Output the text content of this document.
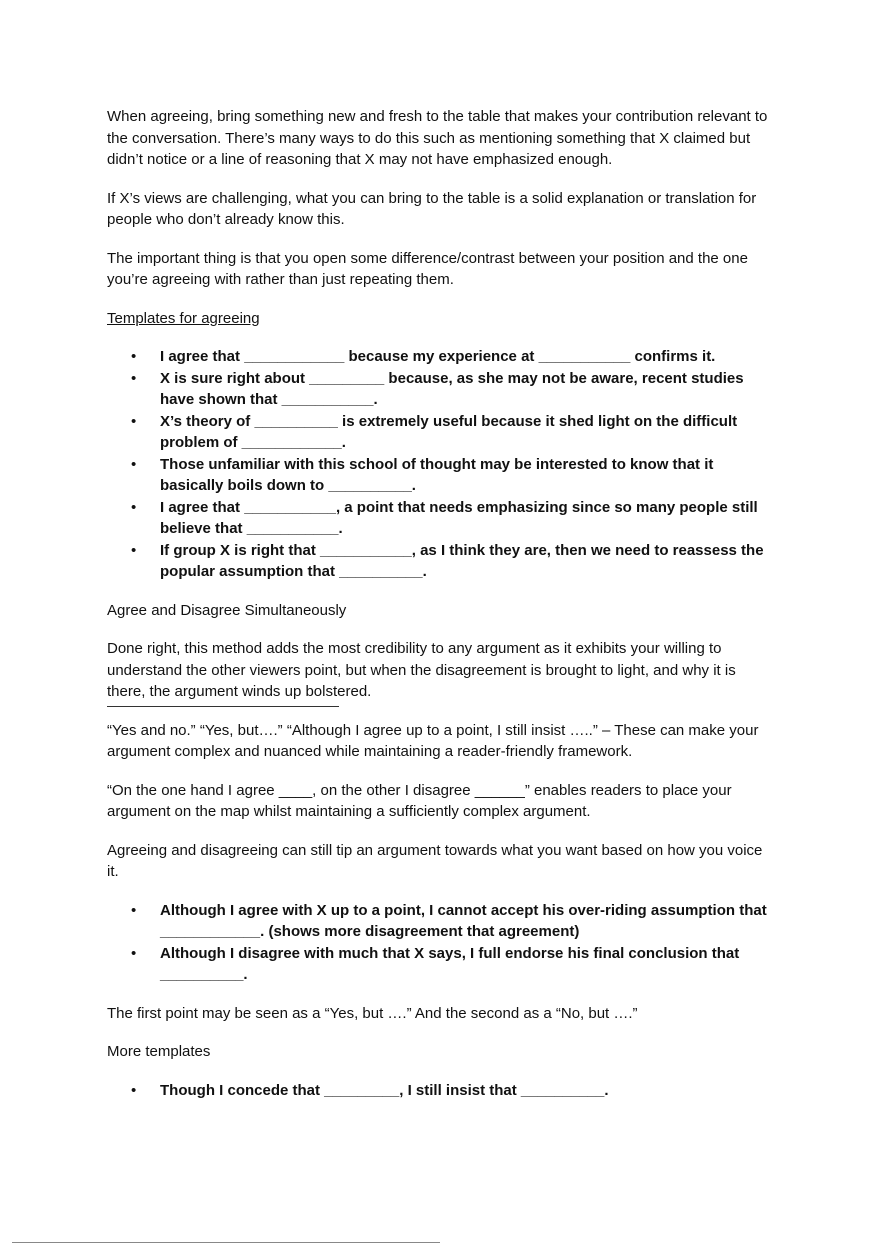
When agreeing, bring something new and fresh to the table that makes your contribution relevant to the conversation. There’s many ways to do this such as mentioning something that X claimed but didn’t notice or a line of reasoning that X may not have emphasized enough.

If X’s views are challenging, what you can bring to the table is a solid explanation or translation for people who don’t already know this.

The important thing is that you open some difference/contrast between your position and the one you’re agreeing with rather than just repeating them.

Templates for agreeing

• I agree that ____________ because my experience at ___________ confirms it.
• X is sure right about _________ because, as she may not be aware, recent studies have shown that ___________.
• X’s theory of __________ is extremely useful because it shed light on the difﬁcult problem of ____________.
• Those unfamiliar with this school of thought may be interested to know that it basically boils down to __________.
• I agree that ___________, a point that needs emphasizing since so many people still believe that ___________.
• If group X is right that ___________, as I think they are, then we need to reassess the popular assumption that __________.

Agree and Disagree Simultaneously

Done right, this method adds the most credibility to any argument as it exhibits your willing to understand the other viewers point, but when the disagreement is brought to light, and why it is there, the argument winds up bolstered.

“Yes and no.” “Yes, but….” “Although I agree up to a point, I still insist …..” – These can make your argument complex and nuanced while maintaining a reader-friendly framework.

“On the one hand I agree ____, on the other I disagree ______” enables readers to place your argument on the map whilst maintaining a sufﬁciently complex argument.

Agreeing and disagreeing can still tip an argument towards what you want based on how you voice it.

• Although I agree with X up to a point, I cannot accept his over-riding assumption that ____________. (shows more disagreement that agreement)
• Although I disagree with much that X says, I full endorse his final conclusion that __________.

The first point may be seen as a “Yes, but ….” And the second as a “No, but ….”

More templates

• Though I concede that _________, I still insist that __________.
